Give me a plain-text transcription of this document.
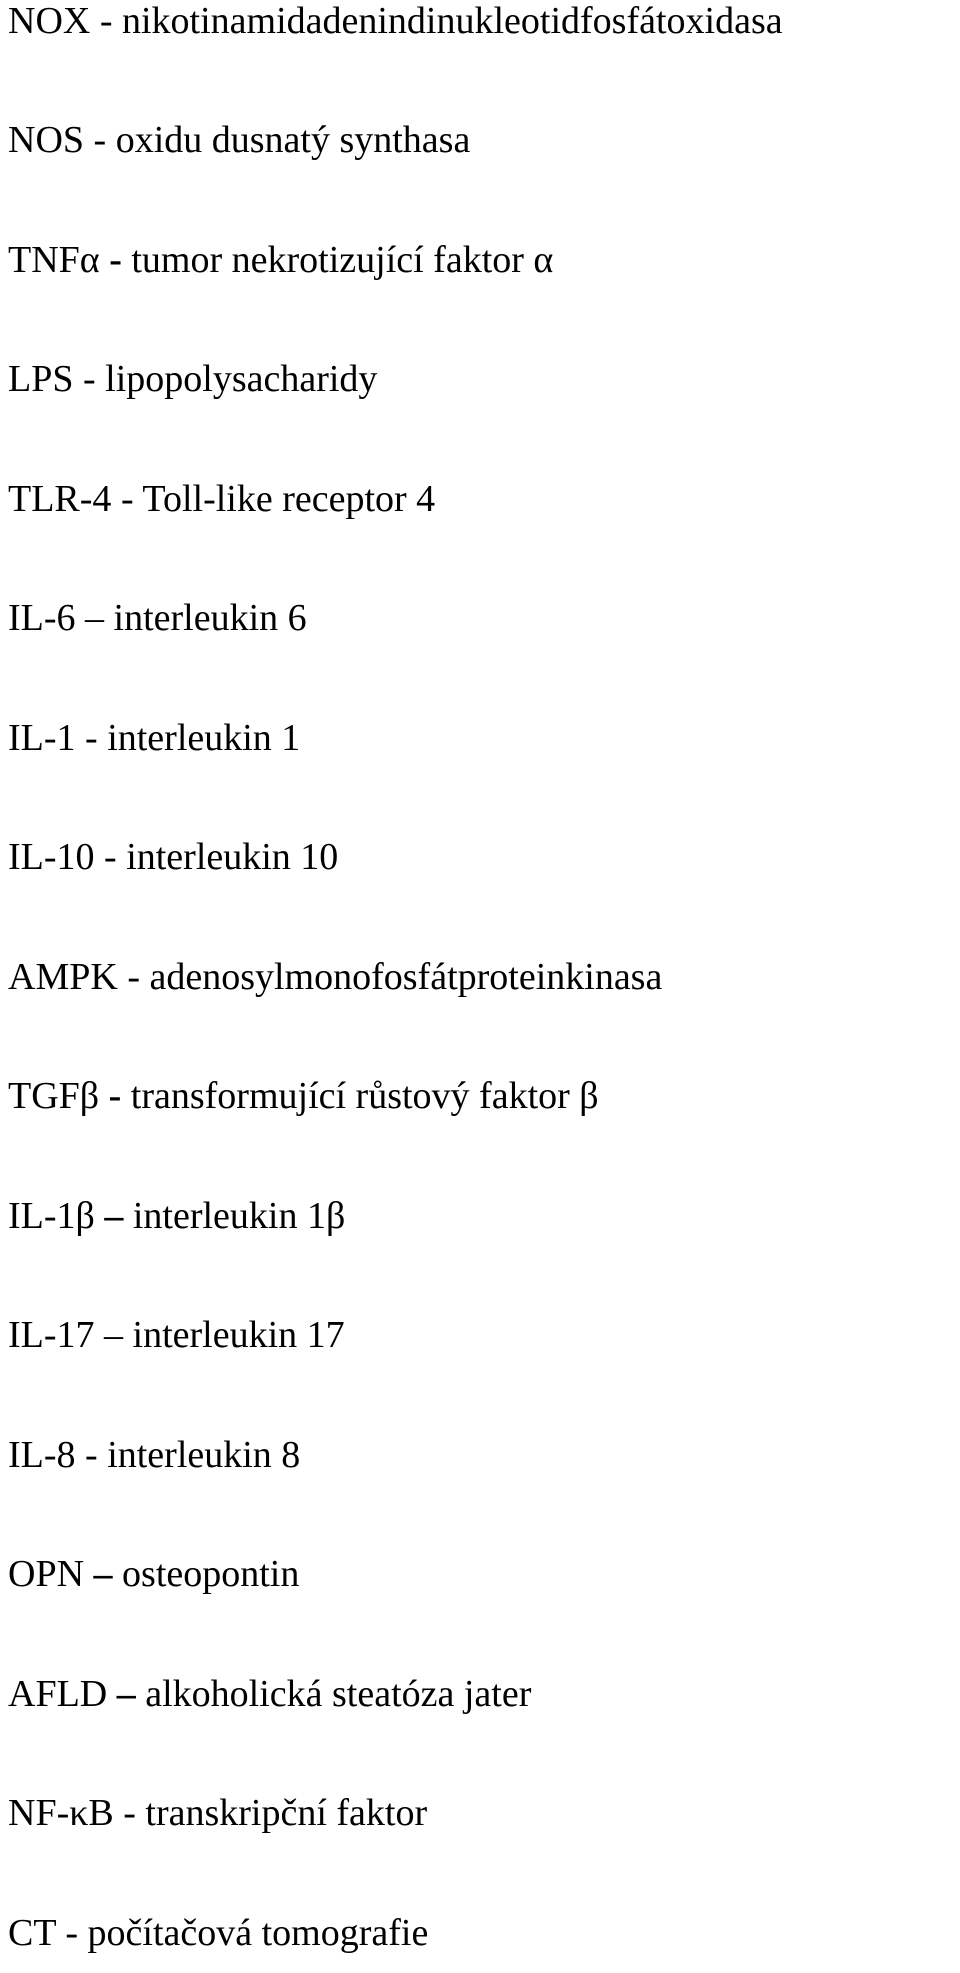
NOX - nikotinamidadenindinukleotidfosfátoxidasa
NOS - oxidu dusnatý synthasa
TNFα - tumor nekrotizující faktor α
LPS - lipopolysacharidy
TLR-4 - Toll-like receptor 4
IL-6 – interleukin 6
IL-1 - interleukin 1
IL-10 - interleukin 10
AMPK - adenosylmonofosfátproteinkinasa
TGFβ - transformující růstový faktor β
IL-1β – interleukin 1β
IL-17 – interleukin 17
IL-8 - interleukin 8
OPN – osteopontin
AFLD – alkoholická steatóza jater
NF-κB - transkripční faktor
CT - počítačová tomografie
